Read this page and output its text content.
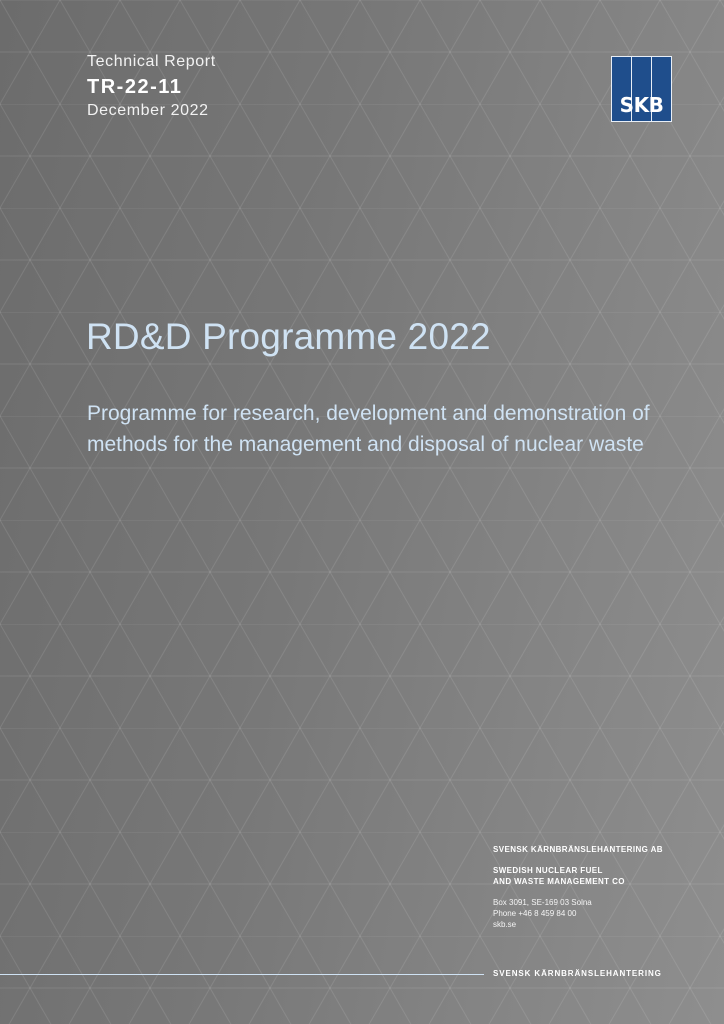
Technical Report
TR-22-11
December 2022	SKB
RD&D Programme 2022

Programme for research, development and demonstration of methods for the management and disposal of nuclear waste

SVENSK KÄRNBRÄNSLEHANTERING AB
SWEDISH NUCLEAR FUEL
AND WASTE MANAGEMENT CO
Box 3091, SE-169 03 Solna
Phone +46 8 459 84 00
skb.se
SVENSK KÄRNBRÄNSLEHANTERING
